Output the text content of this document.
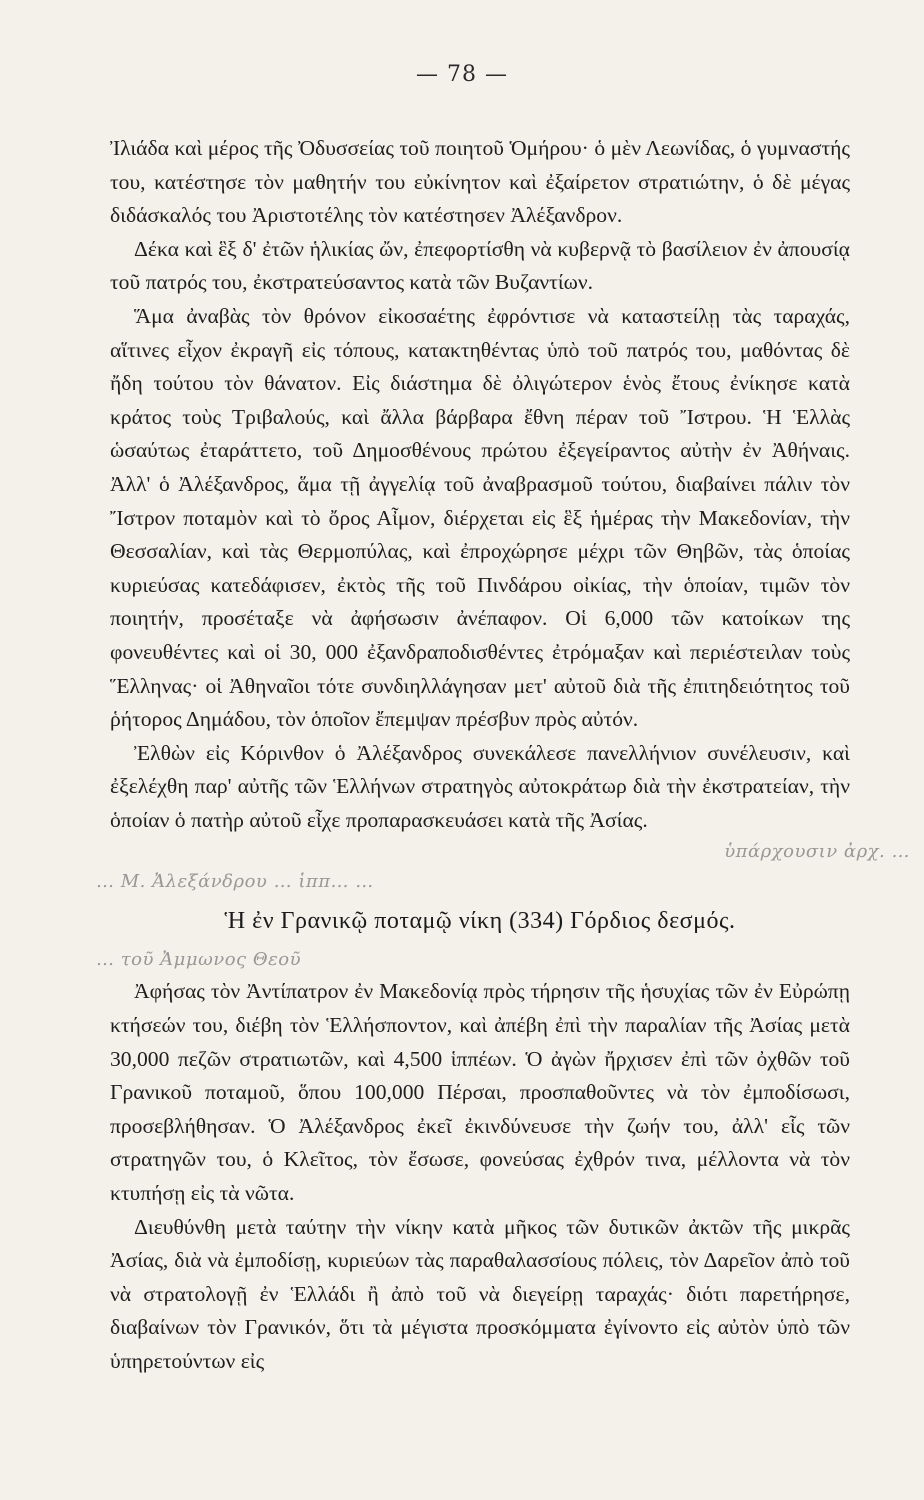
— 78 —

Ἰλιάδα καὶ μέρος τῆς Ὀδυσσείας τοῦ ποιητοῦ Ὁμήρου· ὁ μὲν Λεωνίδας, ὁ γυμναστής του, κατέστησε τὸν μαθητήν του εὐκίνητον καὶ ἐξαίρετον στρατιώτην, ὁ δὲ μέγας διδάσκαλός του Ἀριστοτέλης τὸν κατέστησεν Ἀλέξανδρον.

Δέκα καὶ ἓξ δ' ἐτῶν ἡλικίας ὤν, ἐπεφορτίσθη νὰ κυβερνᾷ τὸ βασίλειον ἐν ἀπουσίᾳ τοῦ πατρός του, ἐκστρατεύσαντος κατὰ τῶν Βυζαντίων.

Ἅμα ἀναβὰς τὸν θρόνον εἰκοσαέτης ἐφρόντισε νὰ καταστείλῃ τὰς ταραχάς, αἵτινες εἶχον ἐκραγῆ εἰς τόπους, κατακτηθέντας ὑπὸ τοῦ πατρός του, μαθόντας δὲ ἤδη τούτου τὸν θάνατον. Εἰς διάστημα δὲ ὀλιγώτερον ἑνὸς ἔτους ἐνίκησε κατὰ κράτος τοὺς Τριβαλούς, καὶ ἄλλα βάρβαρα ἔθνη πέραν τοῦ Ἴστρου. Ἡ Ἑλλὰς ὡσαύτως ἐταράττετο, τοῦ Δημοσθένους πρώτου ἐξεγείραντος αὐτὴν ἐν Ἀθήναις. Ἀλλ' ὁ Ἀλέξανδρος, ἅμα τῇ ἀγγελίᾳ τοῦ ἀναβρασμοῦ τούτου, διαβαίνει πάλιν τὸν Ἴστρον ποταμὸν καὶ τὸ ὄρος Αἶμον, διέρχεται εἰς ἓξ ἡμέρας τὴν Μακεδονίαν, τὴν Θεσσαλίαν, καὶ τὰς Θερμοπύλας, καὶ ἐπροχώρησε μέχρι τῶν Θηβῶν, τὰς ὁποίας κυριεύσας κατεδάφισεν, ἐκτὸς τῆς τοῦ Πινδάρου οἰκίας, τὴν ὁποίαν, τιμῶν τὸν ποιητήν, προσέταξε νὰ ἀφήσωσιν ἀνέπαφον. Οἱ 6,000 τῶν κατοίκων της φονευθέντες καὶ οἱ 30, 000 ἐξανδραποδισθέντες ἐτρόμαξαν καὶ περιέστειλαν τοὺς Ἕλληνας· οἱ Ἀθηναῖοι τότε συνδιηλλάγησαν μετ' αὐτοῦ διὰ τῆς ἐπιτηδειότητος τοῦ ῥήτορος Δημάδου, τὸν ὁποῖον ἔπεμψαν πρέσβυν πρὸς αὐτόν.

Ἐλθὼν εἰς Κόρινθον ὁ Ἀλέξανδρος συνεκάλεσε πανελλήνιον συνέλευσιν, καὶ ἐξελέχθη παρ' αὐτῆς τῶν Ἑλλήνων στρατηγὸς αὐτοκράτωρ διὰ τὴν ἐκστρατείαν, τὴν ὁποίαν ὁ πατὴρ αὐτοῦ εἶχε προπαρασκευάσει κατὰ τῆς Ἀσίας.

ὑπάρχουσιν ἀρχ. …

… Μ. Ἀλεξάνδρου … ἱππ… …

Ἡ ἐν Γρανικῷ ποταμῷ νίκη (334) Γόρδιος δεσμός.

… τοῦ Ἀμμωνος Θεοῦ

Ἀφήσας τὸν Ἀντίπατρον ἐν Μακεδονίᾳ πρὸς τήρησιν τῆς ἡσυχίας τῶν ἐν Εὐρώπῃ κτήσεών του, διέβη τὸν Ἑλλήσποντον, καὶ ἀπέβη ἐπὶ τὴν παραλίαν τῆς Ἀσίας μετὰ 30,000 πεζῶν στρατιωτῶν, καὶ 4,500 ἱππέων. Ὁ ἀγὼν ἤρχισεν ἐπὶ τῶν ὀχθῶν τοῦ Γρανικοῦ ποταμοῦ, ὅπου 100,000 Πέρσαι, προσπαθοῦντες νὰ τὸν ἐμποδίσωσι, προσεβλήθησαν. Ὁ Ἀλέξανδρος ἐκεῖ ἐκινδύνευσε τὴν ζωήν του, ἀλλ' εἷς τῶν στρατηγῶν του, ὁ Κλεῖτος, τὸν ἔσωσε, φονεύσας ἐχθρόν τινα, μέλλοντα νὰ τὸν κτυπήσῃ εἰς τὰ νῶτα.

Διευθύνθη μετὰ ταύτην τὴν νίκην κατὰ μῆκος τῶν δυτικῶν ἀκτῶν τῆς μικρᾶς Ἀσίας, διὰ νὰ ἐμποδίσῃ, κυριεύων τὰς παραθαλασσίους πόλεις, τὸν Δαρεῖον ἀπὸ τοῦ νὰ στρατολογῇ ἐν Ἑλλάδι ἢ ἀπὸ τοῦ νὰ διεγείρῃ ταραχάς· διότι παρετήρησε, διαβαίνων τὸν Γρανικόν, ὅτι τὰ μέγιστα προσκόμματα ἐγίνοντο εἰς αὐτὸν ὑπὸ τῶν ὑπηρετούντων εἰς
